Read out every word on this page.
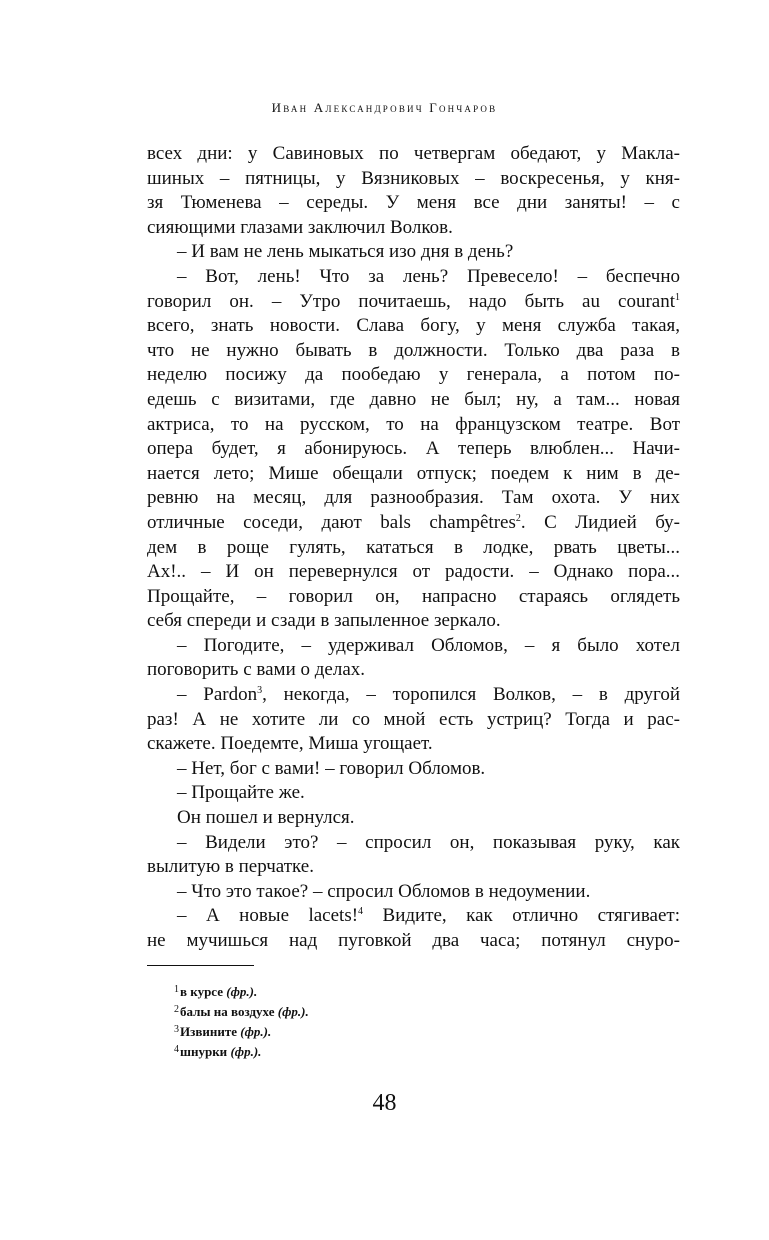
Иван Александрович Гончаров
всех дни: у Савиновых по четвергам обедают, у Макла-
шиных – пятницы, у Вязниковых – воскресенья, у кня-
зя Тюменева – середы. У меня все дни заняты! – с
сияющими глазами заключил Волков.
– И вам не лень мыкаться изо дня в день?
– Вот, лень! Что за лень? Превесело! – беспечно
говорил он. – Утро почитаешь, надо быть au courant$^1$
всего, знать новости. Слава богу, у меня служба такая,
что не нужно бывать в должности. Только два раза в
неделю посижу да пообедаю у генерала, а потом по-
едешь с визитами, где давно не был; ну, а там... новая
актриса, то на русском, то на французском театре. Вот
опера будет, я абонируюсь. А теперь влюблен... Начи-
нается лето; Мише обещали отпуск; поедем к ним в де-
ревню на месяц, для разнообразия. Там охота. У них
отличные соседи, дают bals champêtres$^2$. С Лидией бу-
дем в роще гулять, кататься в лодке, рвать цветы...
Ах!.. – И он перевернулся от радости. – Однако пора...
Прощайте, – говорил он, напрасно стараясь оглядеть
себя спереди и сзади в запыленное зеркало.
– Погодите, – удерживал Обломов, – я было хотел
поговорить с вами о делах.
– Pardon$^3$, некогда, – торопился Волков, – в другой
раз! А не хотите ли со мной есть устриц? Тогда и рас-
скажете. Поедемте, Миша угощает.
– Нет, бог с вами! – говорил Обломов.
– Прощайте же.
Он пошел и вернулся.
– Видели это? – спросил он, показывая руку, как
вылитую в перчатке.
– Что это такое? – спросил Обломов в недоумении.
– А новые lacets!$^4$ Видите, как отлично стягивает:
не мучишься над пуговкой два часа; потянул снуро-
$^1$в курсе (фр.).
$^2$балы на воздухе (фр.).
$^3$Извините (фр.).
$^4$шнурки (фр.).
48
